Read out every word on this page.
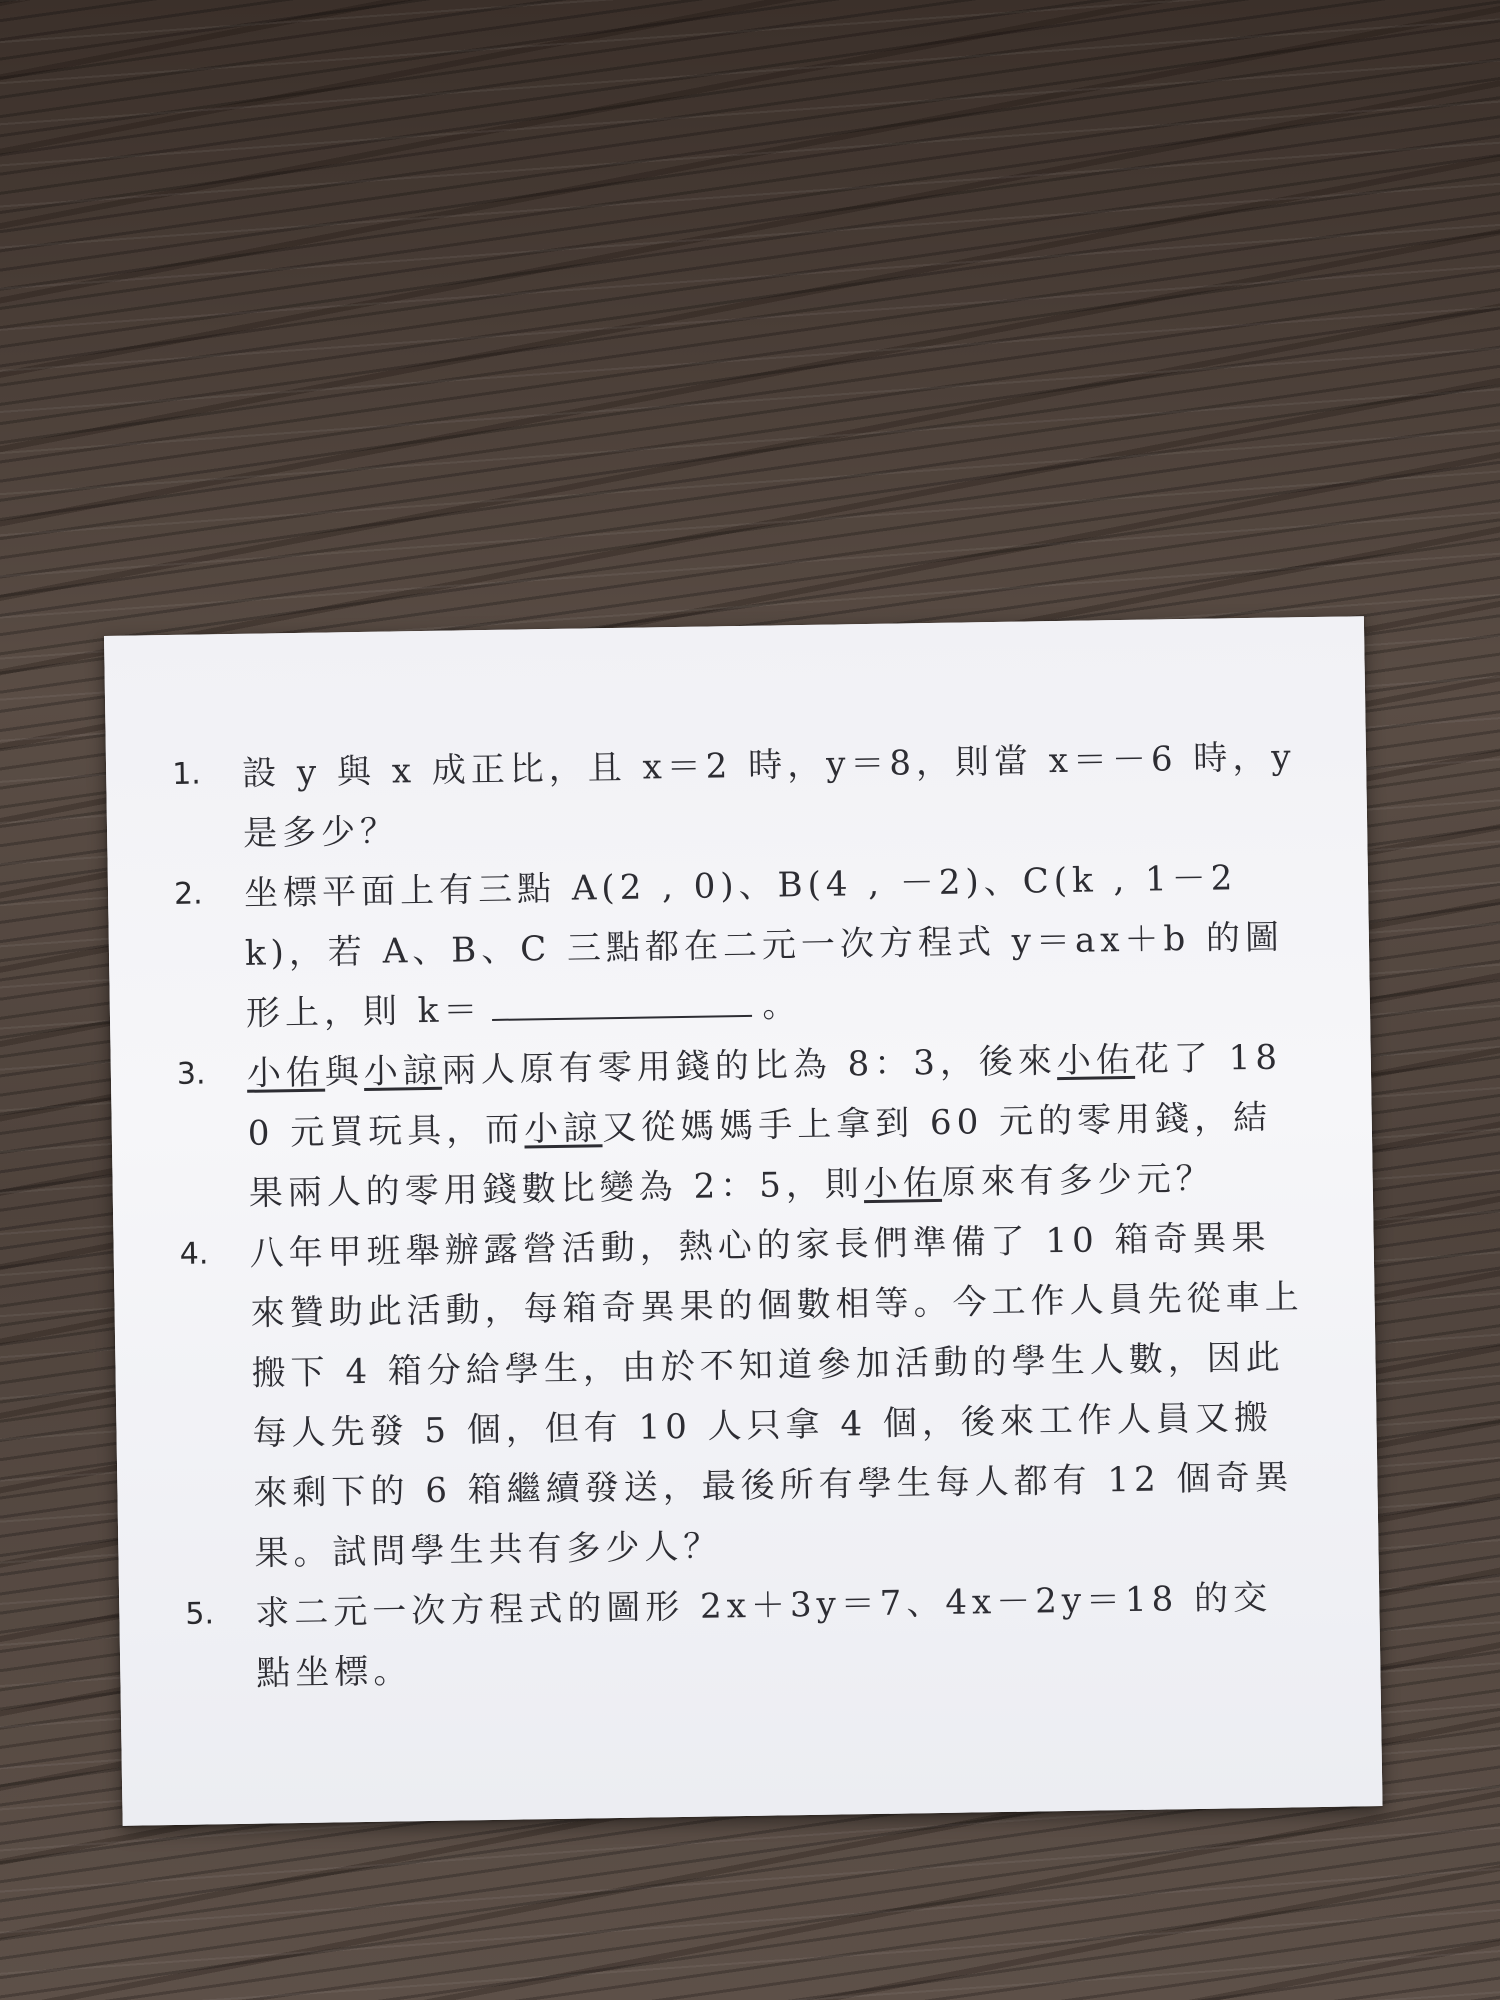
1. 設 y 與 x 成正比，且 x＝2 時，y＝8，則當 x＝－6 時，y 是多少？
2. 坐標平面上有三點 A(2 , 0)、B(4 , －2)、C(k , 1－2k)，若 A、B、C 三點都在二元一次方程式 y＝ax＋b 的圖形上，則 k＝	。
3. 小佑與小諒兩人原有零用錢的比為 8：3，後來小佑花了 180 元買玩具，而小諒又從媽媽手上拿到 60 元的零用錢，結果兩人的零用錢數比變為 2：5，則小佑原來有多少元？
4. 八年甲班舉辦露營活動，熱心的家長們準備了 10 箱奇異果來贊助此活動，每箱奇異果的個數相等。今工作人員先從車上搬下 4 箱分給學生，由於不知道參加活動的學生人數，因此每人先發 5 個，但有 10 人只拿 4 個，後來工作人員又搬來剩下的 6 箱繼續發送，最後所有學生每人都有 12 個奇異果。試問學生共有多少人？
5. 求二元一次方程式的圖形 2x＋3y＝7、4x－2y＝18 的交點坐標。
